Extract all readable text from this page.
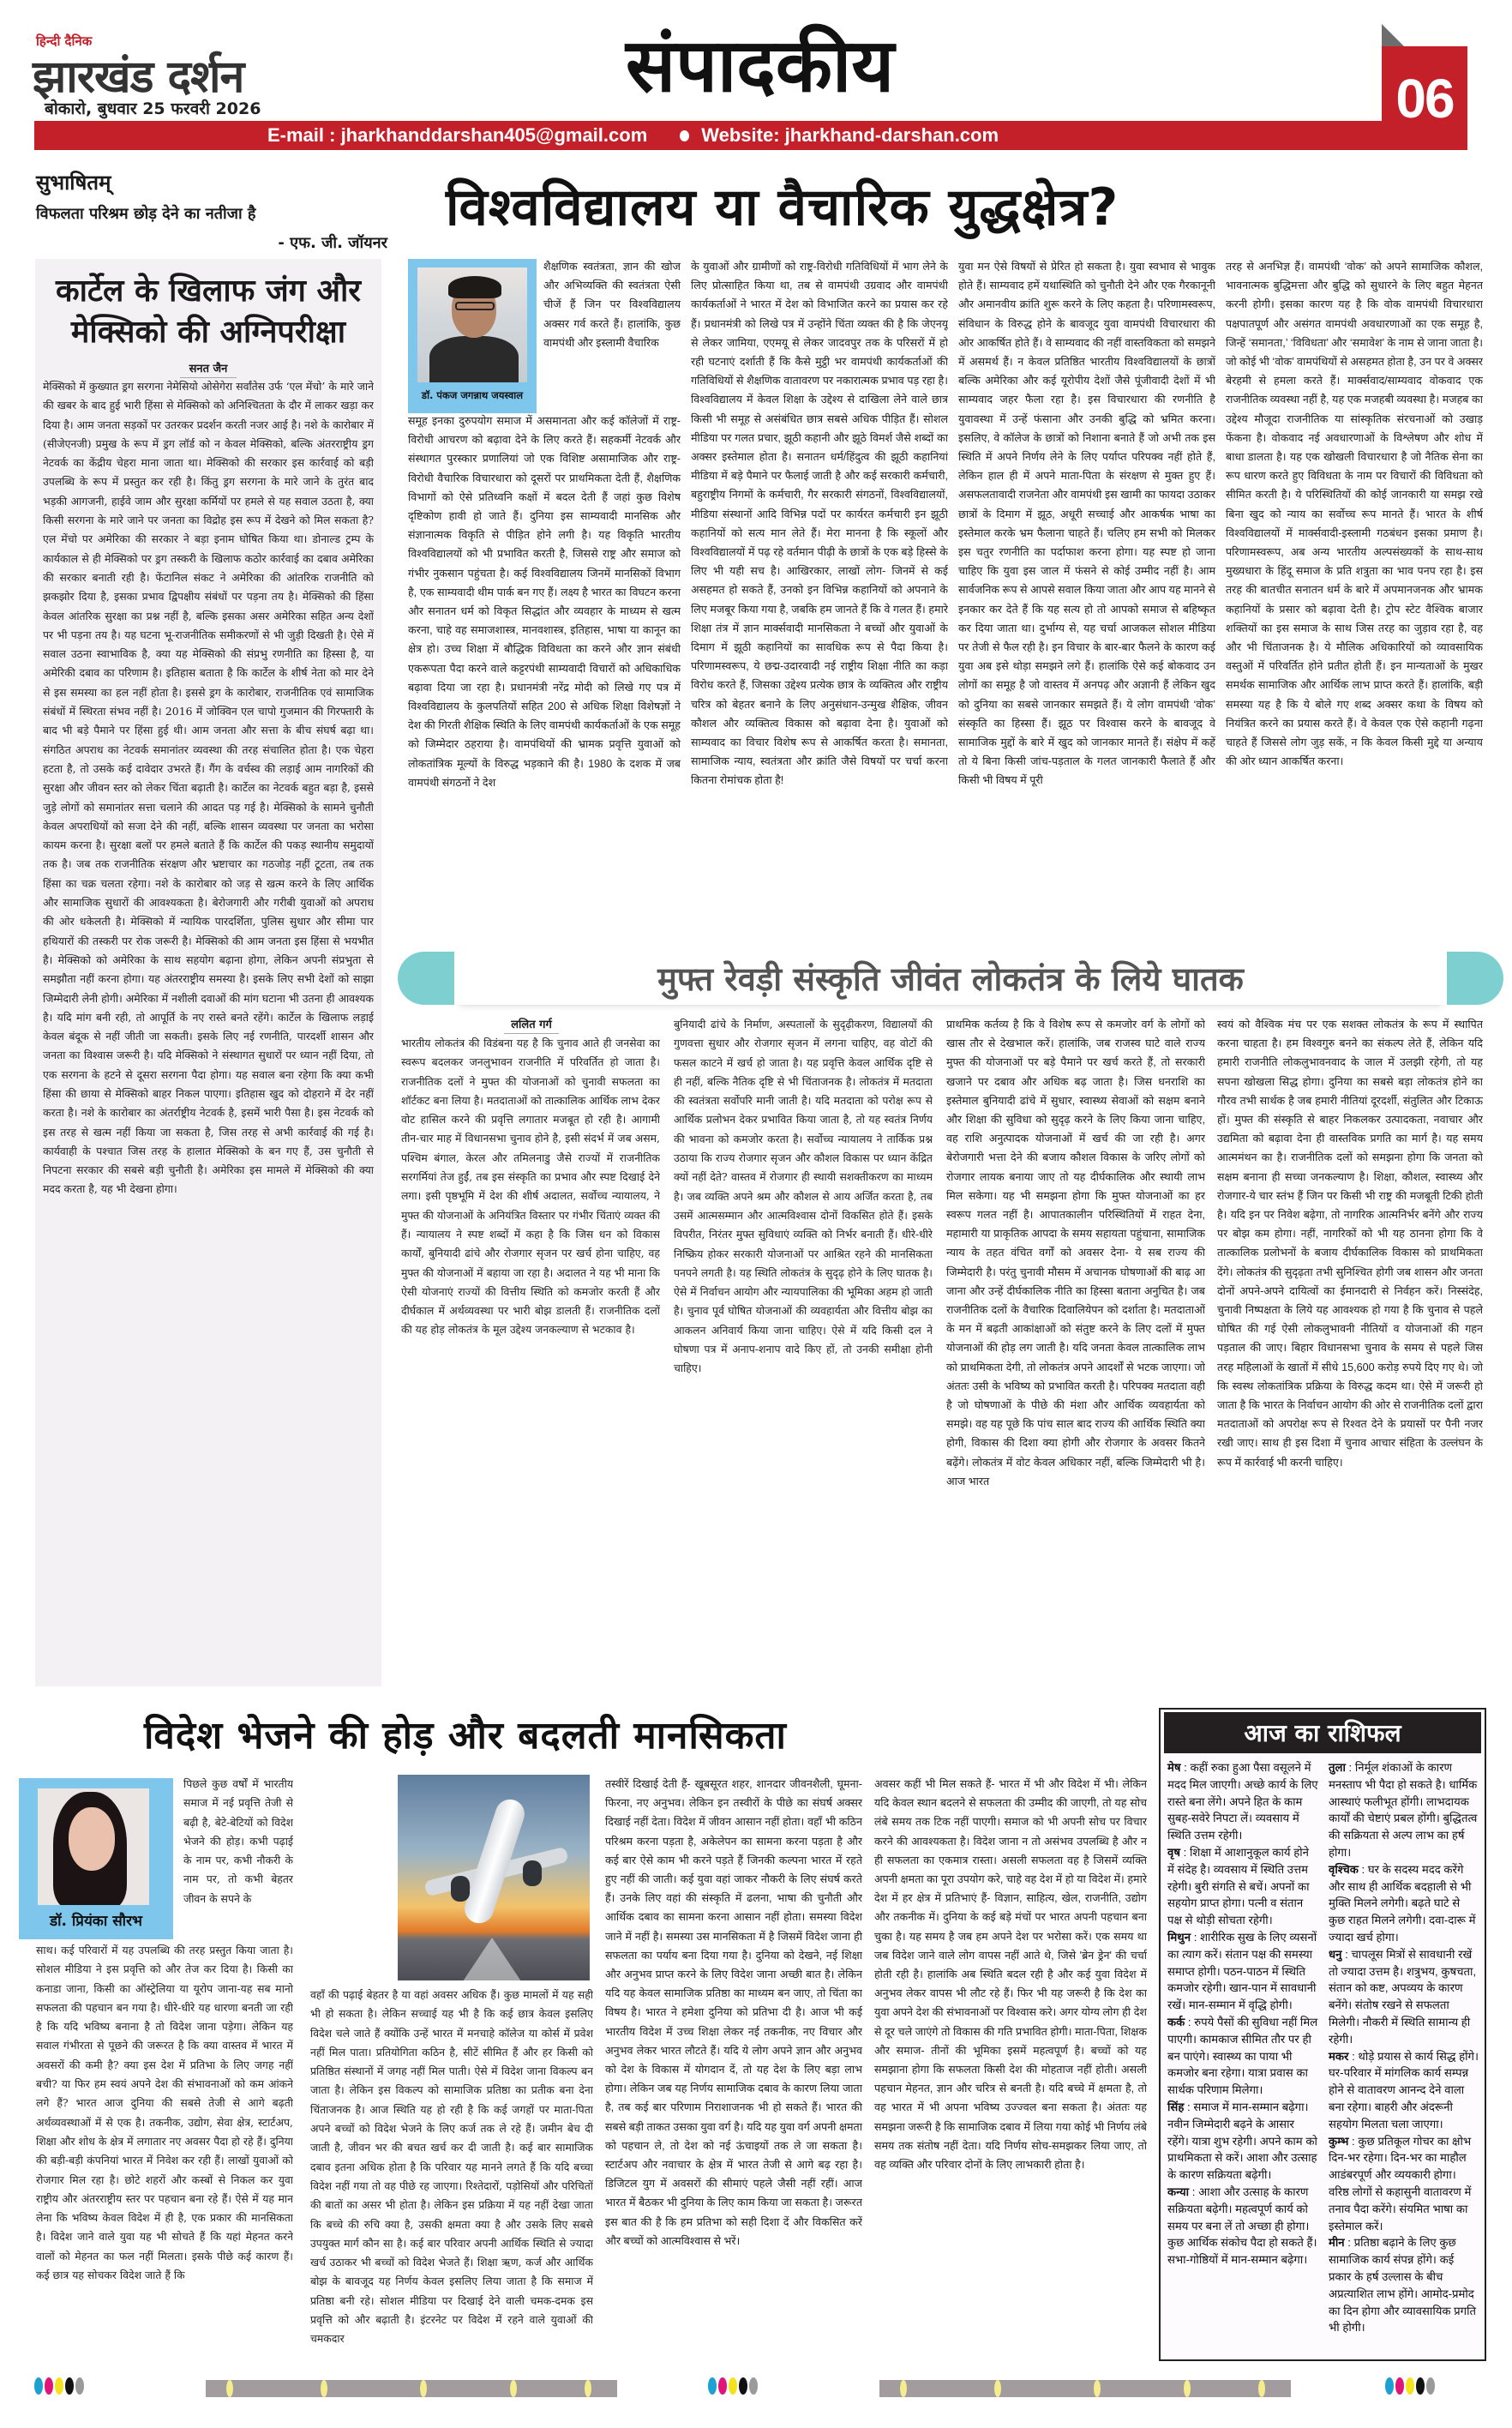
हिन्दी दैनिक
झारखंड दर्शन
बोकारो, बुधवार 25 फरवरी 2026	संपादकीय
E-mail : jharkhanddarshan405@gmail.com	Website: jharkhand-darshan.com
06
सुभाषितम्
विफलता परिश्रम छोड़ देने का नतीजा है
- एफ. जी. जॉयनर
कार्टेल के खिलाफ जंग और
मेक्सिको की अग्निपरीक्षा
सनत जैन
मेक्सिको में कुख्यात ड्रग सरगना नेमेसियो ओसेगेरा सर्वांतेस उर्फ ‘एल मेंचो’ के मारे जाने की खबर के बाद हुई भारी हिंसा से मेक्सिको को अनिश्चितता के दौर में लाकर खड़ा कर दिया है। आम जनता सड़कों पर उतरकर प्रदर्शन करती नजर आई है। नशे के कारोबार में (सीजेएनजी) प्रमुख के रूप में ड्रग लॉर्ड को न केवल मेक्सिको, बल्कि अंतरराष्ट्रीय ड्रग नेटवर्क का केंद्रीय चेहरा माना जाता था। मेक्सिको की सरकार इस कार्रवाई को बड़ी उपलब्धि के रूप में प्रस्तुत कर रही है। किंतु ड्रग सरगना के मारे जाने के तुरंत बाद भड़की आगजनी, हाईवे जाम और सुरक्षा कर्मियों पर हमले से यह सवाल उठता है, क्या किसी सरगना के मारे जाने पर जनता का विद्रोह इस रूप में देखने को मिल सकता है? एल मेंचो पर अमेरिका की सरकार ने बड़ा इनाम घोषित किया था। डोनाल्ड ट्रम्प के कार्यकाल से ही मेक्सिको पर ड्रग तस्करी के खिलाफ कठोर कार्रवाई का दबाव अमेरिका की सरकार बनाती रही है। फेंटानिल संकट ने अमेरिका की आंतरिक राजनीति को झकझोर दिया है, इसका प्रभाव द्विपक्षीय संबंधों पर पड़ना तय है। मेक्सिको की हिंसा केवल आंतरिक सुरक्षा का प्रश्न नहीं है, बल्कि इसका असर अमेरिका सहित अन्य देशों पर भी पड़ना तय है। यह घटना भू-राजनीतिक समीकरणों से भी जुड़ी दिखती है। ऐसे में सवाल उठना स्वाभाविक है, क्या यह मेक्सिको की संप्रभु रणनीति का हिस्सा है, या अमेरिकी दबाव का परिणाम है। इतिहास बताता है कि कार्टेल के शीर्ष नेता को मार देने से इस समस्या का हल नहीं होता है। इससे ड्रग के कारोबार, राजनीतिक एवं सामाजिक संबंधों में स्थिरता संभव नहीं है। 2016 में जोक्विन एल चापो गुजमान की गिरफ्तारी के बाद भी बड़े पैमाने पर हिंसा हुई थी। आम जनता और सत्ता के बीच संघर्ष बढ़ा था। संगठित अपराध का नेटवर्क समानांतर व्यवस्था की तरह संचालित होता है। एक चेहरा हटता है, तो उसके कई दावेदार उभरते हैं। गैंग के वर्चस्व की लड़ाई आम नागरिकों की सुरक्षा और जीवन स्तर को लेकर चिंता बढ़ाती है। कार्टेल का नेटवर्क बहुत बड़ा है, इससे जुड़े लोगों को समानांतर सत्ता चलाने की आदत पड़ गई है। मेक्सिको के सामने चुनौती केवल अपराधियों को सजा देने की नहीं, बल्कि शासन व्यवस्था पर जनता का भरोसा कायम करना है। सुरक्षा बलों पर हमले बताते हैं कि कार्टेल की पकड़ स्थानीय समुदायों तक है। जब तक राजनीतिक संरक्षण और भ्रष्टाचार का गठजोड़ नहीं टूटता, तब तक हिंसा का चक्र चलता रहेगा। नशे के कारोबार को जड़ से खत्म करने के लिए आर्थिक और सामाजिक सुधारों की आवश्यकता है। बेरोजगारी और गरीबी युवाओं को अपराध की ओर धकेलती है। मेक्सिको में न्यायिक पारदर्शिता, पुलिस सुधार और सीमा पार हथियारों की तस्करी पर रोक जरूरी है। मेक्सिको की आम जनता इस हिंसा से भयभीत है। मेक्सिको को अमेरिका के साथ सहयोग बढ़ाना होगा, लेकिन अपनी संप्रभुता से समझौता नहीं करना होगा। यह अंतरराष्ट्रीय समस्या है। इसके लिए सभी देशों को साझा जिम्मेदारी लेनी होगी। अमेरिका में नशीली दवाओं की मांग घटाना भी उतना ही आवश्यक है। यदि मांग बनी रही, तो आपूर्ति के नए रास्ते बनते रहेंगे। कार्टेल के खिलाफ लड़ाई केवल बंदूक से नहीं जीती जा सकती। इसके लिए नई रणनीति, पारदर्शी शासन और जनता का विश्वास जरूरी है। यदि मेक्सिको ने संस्थागत सुधारों पर ध्यान नहीं दिया, तो एक सरगना के हटने से दूसरा सरगना पैदा होगा। यह सवाल बना रहेगा कि क्या कभी हिंसा की छाया से मेक्सिको बाहर निकल पाएगा। इतिहास खुद को दोहराने में देर नहीं करता है। नशे के कारोबार का अंतर्राष्ट्रीय नेटवर्क है, इसमें भारी पैसा है। इस नेटवर्क को इस तरह से खत्म नहीं किया जा सकता है, जिस तरह से अभी कार्रवाई की गई है। कार्यवाही के पश्चात जिस तरह के हालात मेक्सिको के बन गए हैं, उस चुनौती से निपटना सरकार की सबसे बड़ी चुनौती है। अमेरिका इस मामले में मेक्सिको की क्या मदद करता है, यह भी देखना होगा।
विश्वविद्यालय या वैचारिक युद्धक्षेत्र?
डॉ. पंकज जगन्नाथ जयस्वाल
शैक्षणिक स्वतंत्रता, ज्ञान की खोज और अभिव्यक्ति की स्वतंत्रता ऐसी चीजें हैं जिन पर विश्वविद्यालय अक्सर गर्व करते हैं। हालांकि, कुछ वामपंथी और इस्लामी वैचारिक
समूह इनका दुरुपयोग समाज में असमानता और कई कॉलेजों में राष्ट्र-विरोधी आचरण को बढ़ावा देने के लिए करते हैं। सहकर्मी नेटवर्क और संस्थागत पुरस्कार प्रणालियां जो एक विशिष्ट असामाजिक और राष्ट्र-विरोधी वैचारिक विचारधारा को दूसरों पर प्राथमिकता देती हैं, शैक्षणिक विभागों को ऐसे प्रतिध्वनि कक्षों में बदल देती हैं जहां कुछ विशेष दृष्टिकोण हावी हो जाते हैं। दुनिया इस साम्यवादी मानसिक और संज्ञानात्मक विकृति से पीड़ित होने लगी है। यह विकृति भारतीय विश्वविद्यालयों को भी प्रभावित करती है, जिससे राष्ट्र और समाज को गंभीर नुकसान पहुंचता है। कई विश्वविद्यालय जिनमें मानसिकों विभाग है, एक साम्यवादी थीम पार्क बन गए हैं। लक्ष्य है भारत का विघटन करना और सनातन धर्म को विकृत सिद्धांत और व्यवहार के माध्यम से खत्म करना, चाहे वह समाजशास्त्र, मानवशास्त्र, इतिहास, भाषा या कानून का क्षेत्र हो। उच्च शिक्षा में बौद्धिक विविधता का करने और ज्ञान संबंधी एकरूपता पैदा करने वाले कट्टरपंथी साम्यवादी विचारों को अधिकाधिक बढ़ावा दिया जा रहा है। प्रधानमंत्री नरेंद्र मोदी को लिखे गए पत्र में विश्वविद्यालय के कुलपतियों सहित 200 से अधिक शिक्षा विशेषज्ञों ने देश की गिरती शैक्षिक स्थिति के लिए वामपंथी कार्यकर्ताओं के एक समूह को जिम्मेदार ठहराया है। वामपंथियों की भ्रामक प्रवृत्ति युवाओं को लोकतांत्रिक मूल्यों के विरुद्ध भड़काने की है। 1980 के दशक में जब वामपंथी संगठनों ने देश
के युवाओं और ग्रामीणों को राष्ट्र-विरोधी गतिविधियों में भाग लेने के लिए प्रोत्साहित किया था, तब से वामपंथी उग्रवाद और वामपंथी कार्यकर्ताओं ने भारत में देश को विभाजित करने का प्रयास कर रहे हैं। प्रधानमंत्री को लिखे पत्र में उन्होंने चिंता व्यक्त की है कि जेएनयू से लेकर जामिया, एएमयू से लेकर जादवपुर तक के परिसरों में हो रही घटनाएं दर्शाती हैं कि कैसे मुट्ठी भर वामपंथी कार्यकर्ताओं की गतिविधियों से शैक्षणिक वातावरण पर नकारात्मक प्रभाव पड़ रहा है। विश्वविद्यालय में केवल शिक्षा के उद्देश्य से दाखिला लेने वाले छात्र किसी भी समूह से असंबंधित छात्र सबसे अधिक पीड़ित हैं। सोशल मीडिया पर गलत प्रचार, झूठी कहानी और झूठे विमर्श जैसे शब्दों का अक्सर इस्तेमाल होता है। सनातन धर्म/हिंदुत्व की झूठी कहानियां मीडिया में बड़े पैमाने पर फैलाई जाती है और कई सरकारी कर्मचारी, बहुराष्ट्रीय निगमों के कर्मचारी, गैर सरकारी संगठनों, विश्वविद्यालयों, मीडिया संस्थानों आदि विभिन्न पदों पर कार्यरत कर्मचारी इन झूठी कहानियों को सत्य मान लेते हैं। मेरा मानना है कि स्कूलों और विश्वविद्यालयों में पढ़ रहे वर्तमान पीढ़ी के छात्रों के एक बड़े हिस्से के लिए भी यही सच है। आखिरकार, लाखों लोग- जिनमें से कई असहमत हो सकते हैं, उनको इन विभिन्न कहानियों को अपनाने के लिए मजबूर किया गया है, जबकि हम जानते हैं कि वे गलत हैं। हमारे शिक्षा तंत्र में ज्ञान मार्क्सवादी मानसिकता ने बच्चों और युवाओं के दिमाग में झूठी कहानियों का सावधिक रूप से पैदा किया है। परिणामस्वरूप, ये छद्म-उदारवादी नई राष्ट्रीय शिक्षा नीति का कड़ा विरोध करते हैं, जिसका उद्देश्य प्रत्येक छात्र के व्यक्तित्व और राष्ट्रीय चरित्र को बेहतर बनाने के लिए अनुसंधान-उन्मुख शैक्षिक, जीवन कौशल और व्यक्तित्व विकास को बढ़ावा देना है। युवाओं को साम्यवाद का विचार विशेष रूप से आकर्षित करता है। समानता, सामाजिक न्याय, स्वतंत्रता और क्रांति जैसे विषयों पर चर्चा करना कितना रोमांचक होता है!
युवा मन ऐसे विषयों से प्रेरित हो सकता है। युवा स्वभाव से भावुक होते हैं। साम्यवाद हमें यथास्थिति को चुनौती देने और एक गैरकानूनी और अमानवीय क्रांति शुरू करने के लिए कहता है। परिणामस्वरूप, संविधान के विरुद्ध होने के बावजूद युवा वामपंथी विचारधारा की ओर आकर्षित होते हैं। वे साम्यवाद की नहीं वास्तविकता को समझने में असमर्थ हैं। न केवल प्रतिष्ठित भारतीय विश्वविद्यालयों के छात्रों बल्कि अमेरिका और कई यूरोपीय देशों जैसे पूंजीवादी देशों में भी साम्यवाद जहर फैला रहा है। इस विचारधारा की रणनीति है युवावस्था में उन्हें फंसाना और उनकी बुद्धि को भ्रमित करना। इसलिए, वे कॉलेज के छात्रों को निशाना बनाते हैं जो अभी तक इस स्थिति में अपने निर्णय लेने के लिए पर्याप्त परिपक्व नहीं होते हैं, लेकिन हाल ही में अपने माता-पिता के संरक्षण से मुक्त हुए हैं। असफलतावादी राजनेता और वामपंथी इस खामी का फायदा उठाकर छात्रों के दिमाग में झूठ, अधूरी सच्चाई और आकर्षक भाषा का इस्तेमाल करके भ्रम फैलाना चाहते हैं। चलिए हम सभी को मिलकर इस चतुर रणनीति का पर्दाफाश करना होगा। यह स्पष्ट हो जाना चाहिए कि युवा इस जाल में फंसने से कोई उम्मीद नहीं है। आम सार्वजनिक रूप से आपसे सवाल किया जाता और आप यह मानने से इनकार कर देते हैं कि यह सत्य हो तो आपको समाज से बहिष्कृत कर दिया जाता था। दुर्भाग्य से, यह चर्चा आजकल सोशल मीडिया पर तेजी से फैल रही है। इन विचार के बार-बार फैलने के कारण कई युवा अब इसे थोड़ा समझने लगे हैं। हालांकि ऐसे कई बोकवाद उन लोगों का समूह है जो वास्तव में अनपढ़ और अज्ञानी हैं लेकिन खुद को दुनिया का सबसे जानकार समझते हैं। ये लोग वामपंथी ‘वोक’ संस्कृति का हिस्सा हैं। झूठ पर विश्वास करने के बावजूद वे सामाजिक मुद्दों के बारे में खुद को जानकार मानते हैं। संक्षेप में कहें तो ये बिना किसी जांच-पड़ताल के गलत जानकारी फैलाते हैं और किसी भी विषय में पूरी
तरह से अनभिज्ञ हैं। वामपंथी ‘वोक’ को अपने सामाजिक कौशल, भावनात्मक बुद्धिमत्ता और बुद्धि को सुधारने के लिए बहुत मेहनत करनी होगी। इसका कारण यह है कि वोक वामपंथी विचारधारा पक्षपातपूर्ण और असंगत वामपंथी अवधारणाओं का एक समूह है, जिन्हें ‘समानता,’ ‘विविधता’ और ‘समावेश’ के नाम से जाना जाता है। जो कोई भी ‘वोक’ वामपंथियों से असहमत होता है, उन पर वे अक्सर बेरहमी से हमला करते हैं। मार्क्सवाद/साम्यवाद वोकवाद एक राजनीतिक व्यवस्था नहीं है, यह एक मजहबी व्यवस्था है। मजहब का उद्देश्य मौजूदा राजनीतिक या सांस्कृतिक संरचनाओं को उखाड़ फेंकना है। वोकवाद नई अवधारणाओं के विश्लेषण और शोध में बाधा डालता है। यह एक खोखली विचारधारा है जो नैतिक सेना का रूप धारण करते हुए विविधता के नाम पर विचारों की विविधता को सीमित करती है। ये परिस्थितियों की कोई जानकारी या समझ रखे बिना खुद को न्याय का सर्वोच्च रूप मानते हैं। भारत के शीर्ष विश्वविद्यालयों में मार्क्सवादी-इस्लामी गठबंधन इसका प्रमाण है। परिणामस्वरूप, अब अन्य भारतीय अल्पसंख्यकों के साथ-साथ मुख्यधारा के हिंदू समाज के प्रति शत्रुता का भाव पनप रहा है। इस तरह की बातचीत सनातन धर्म के बारे में अपमानजनक और भ्रामक कहानियों के प्रसार को बढ़ावा देती है। ट्रोप स्टेट वैश्विक बाजार शक्तियों का इस समाज के साथ जिस तरह का जुड़ाव रहा है, वह और भी चिंताजनक है। ये मौलिक अधिकारियों को व्यावसायिक वस्तुओं में परिवर्तित होने प्रतीत होती हैं। इन मान्यताओं के मुखर समर्थक सामाजिक और आर्थिक लाभ प्राप्त करते हैं। हालांकि, बड़ी समस्या यह है कि ये बोले गए शब्द अक्सर कथा के विषय को नियंत्रित करने का प्रयास करते हैं। वे केवल एक ऐसे कहानी गढ़ना चाहते हैं जिससे लोग जुड़ सकें, न कि केवल किसी मुद्दे या अन्याय की ओर ध्यान आकर्षित करना।
मुफ्त रेवड़ी संस्कृति जीवंत लोकतंत्र के लिये घातक
ललित गर्ग
भारतीय लोकतंत्र की विडंबना यह है कि चुनाव आते ही जनसेवा का स्वरूप बदलकर जनलुभावन राजनीति में परिवर्तित हो जाता है। राजनीतिक दलों ने मुफ्त की योजनाओं को चुनावी सफलता का शॉर्टकट बना लिया है। मतदाताओं को तात्कालिक आर्थिक लाभ देकर वोट हासिल करने की प्रवृत्ति लगातार मजबूत हो रही है। आगामी तीन-चार माह में विधानसभा चुनाव होने है, इसी संदर्भ में जब असम, पश्चिम बंगाल, केरल और तमिलनाडु जैसे राज्यों में राजनीतिक सरगर्मियां तेज हुईं, तब इस संस्कृति का प्रभाव और स्पष्ट दिखाई देने लगा। इसी पृष्ठभूमि में देश की शीर्ष अदालत, सर्वोच्च न्यायालय, ने मुफ्त की योजनाओं के अनियंत्रित विस्तार पर गंभीर चिंताएं व्यक्त की हैं। न्यायालय ने स्पष्ट शब्दों में कहा है कि जिस धन को विकास कार्यों, बुनियादी ढांचे और रोजगार सृजन पर खर्च होना चाहिए, वह मुफ्त की योजनाओं में बहाया जा रहा है। अदालत ने यह भी माना कि ऐसी योजनाएं राज्यों की वित्तीय स्थिति को कमजोर करती हैं और दीर्घकाल में अर्थव्यवस्था पर भारी बोझ डालती हैं। राजनीतिक दलों की यह होड़ लोकतंत्र के मूल उद्देश्य जनकल्याण से भटकाव है।
बुनियादी ढांचे के निर्माण, अस्पतालों के सुदृढ़ीकरण, विद्यालयों की गुणवत्ता सुधार और रोजगार सृजन में लगना चाहिए, वह वोटों की फसल काटने में खर्च हो जाता है। यह प्रवृत्ति केवल आर्थिक दृष्टि से ही नहीं, बल्कि नैतिक दृष्टि से भी चिंताजनक है। लोकतंत्र में मतदाता की स्वतंत्रता सर्वोपरि मानी जाती है। यदि मतदाता को परोक्ष रूप से आर्थिक प्रलोभन देकर प्रभावित किया जाता है, तो यह स्वतंत्र निर्णय की भावना को कमजोर करता है। सर्वोच्च न्यायालय ने तार्किक प्रश्न उठाया कि राज्य रोजगार सृजन और कौशल विकास पर ध्यान केंद्रित क्यों नहीं देते? वास्तव में रोजगार ही स्थायी सशक्तीकरण का माध्यम है। जब व्यक्ति अपने श्रम और कौशल से आय अर्जित करता है, तब उसमें आत्मसम्मान और आत्मविश्वास दोनों विकसित होते हैं। इसके विपरीत, निरंतर मुफ्त सुविधाएं व्यक्ति को निर्भर बनाती हैं। धीरे-धीरे निष्क्रिय होकर सरकारी योजनाओं पर आश्रित रहने की मानसिकता पनपने लगती है। यह स्थिति लोकतंत्र के सुदृढ़ होने के लिए घातक है। ऐसे में निर्वाचन आयोग और न्यायपालिका की भूमिका अहम हो जाती है। चुनाव पूर्व घोषित योजनाओं की व्यवहार्यता और वित्तीय बोझ का आकलन अनिवार्य किया जाना चाहिए। ऐसे में यदि किसी दल ने घोषणा पत्र में अनाप-शनाप वादे किए हों, तो उनकी समीक्षा होनी चाहिए।
प्राथमिक कर्तव्य है कि वे विशेष रूप से कमजोर वर्ग के लोगों को खास तौर से देखभाल करें। हालांकि, जब राजस्व घाटे वाले राज्य मुफ्त की योजनाओं पर बड़े पैमाने पर खर्च करते हैं, तो सरकारी खजाने पर दबाव और अधिक बढ़ जाता है। जिस धनराशि का इस्तेमाल बुनियादी ढांचे में सुधार, स्वास्थ्य सेवाओं को सक्षम बनाने और शिक्षा की सुविधा को सुदृढ़ करने के लिए किया जाना चाहिए, वह राशि अनुत्पादक योजनाओं में खर्च की जा रही है। अगर बेरोजगारी भत्ता देने की बजाय कौशल विकास के जरिए लोगों को रोजगार लायक बनाया जाए तो यह दीर्घकालिक और स्थायी लाभ मिल सकेगा। यह भी समझना होगा कि मुफ्त योजनाओं का हर स्वरूप गलत नहीं है। आपातकालीन परिस्थितियों में राहत देना, महामारी या प्राकृतिक आपदा के समय सहायता पहुंचाना, सामाजिक न्याय के तहत वंचित वर्गों को अवसर देना- ये सब राज्य की जिम्मेदारी है। परंतु चुनावी मौसम में अचानक घोषणाओं की बाढ़ आ जाना और उन्हें दीर्घकालिक नीति का हिस्सा बताना अनुचित है। जब राजनीतिक दलों के वैचारिक दिवालियेपन को दर्शाता है। मतदाताओं के मन में बढ़ती आकांक्षाओं को संतुष्ट करने के लिए दलों में मुफ्त योजनाओं की होड़ लग जाती है। यदि जनता केवल तात्कालिक लाभ को प्राथमिकता देगी, तो लोकतंत्र अपने आदर्शों से भटक जाएगा। जो अंततः उसी के भविष्य को प्रभावित करती है। परिपक्व मतदाता वही है जो घोषणाओं के पीछे की मंशा और आर्थिक व्यवहार्यता को समझे। वह यह पूछे कि पांच साल बाद राज्य की आर्थिक स्थिति क्या होगी, विकास की दिशा क्या होगी और रोजगार के अवसर कितने बढ़ेंगे। लोकतंत्र में वोट केवल अधिकार नहीं, बल्कि जिम्मेदारी भी है। आज भारत
स्वयं को वैश्विक मंच पर एक सशक्त लोकतंत्र के रूप में स्थापित करना चाहता है। हम विश्वगुरु बनने का संकल्प लेते हैं, लेकिन यदि हमारी राजनीति लोकलुभावनवाद के जाल में उलझी रहेगी, तो यह सपना खोखला सिद्ध होगा। दुनिया का सबसे बड़ा लोकतंत्र होने का गौरव तभी सार्थक है जब हमारी नीतियां दूरदर्शी, संतुलित और टिकाऊ हों। मुफ्त की संस्कृति से बाहर निकलकर उत्पादकता, नवाचार और उद्यमिता को बढ़ावा देना ही वास्तविक प्रगति का मार्ग है। यह समय आत्ममंथन का है। राजनीतिक दलों को समझना होगा कि जनता को सक्षम बनाना ही सच्चा जनकल्याण है। शिक्षा, कौशल, स्वास्थ्य और रोजगार-ये चार स्तंभ हैं जिन पर किसी भी राष्ट्र की मजबूती टिकी होती है। यदि इन पर निवेश बढ़ेगा, तो नागरिक आत्मनिर्भर बनेंगे और राज्य पर बोझ कम होगा। नहीं, नागरिकों को भी यह ठानना होगा कि वे तात्कालिक प्रलोभनों के बजाय दीर्घकालिक विकास को प्राथमिकता देंगे। लोकतंत्र की सुदृढ़ता तभी सुनिश्चित होगी जब शासन और जनता दोनों अपने-अपने दायित्वों का ईमानदारी से निर्वहन करें। निस्संदेह, चुनावी निष्पक्षता के लिये यह आवश्यक हो गया है कि चुनाव से पहले घोषित की गई ऐसी लोकलुभावनी नीतियों व योजनाओं की गहन पड़ताल की जाए। बिहार विधानसभा चुनाव के समय से पहले जिस तरह महिलाओं के खातों में सीधे 15,600 करोड़ रुपये दिए गए थे। जो कि स्वस्थ लोकतांत्रिक प्रक्रिया के विरुद्ध कदम था। ऐसे में जरूरी हो जाता है कि भारत के निर्वाचन आयोग की ओर से राजनीतिक दलों द्वारा मतदाताओं को अपरोक्ष रूप से रिश्वत देने के प्रयासों पर पैनी नजर रखी जाए। साथ ही इस दिशा में चुनाव आचार संहिता के उल्लंघन के रूप में कार्रवाई भी करनी चाहिए।
विदेश भेजने की होड़ और बदलती मानसिकता
डॉ. प्रियंका सौरभ
पिछले कुछ वर्षों में भारतीय समाज में नई प्रवृत्ति तेजी से बढ़ी है, बेटे-बेटियों को विदेश भेजने की होड़। कभी पढ़ाई के नाम पर, कभी नौकरी के नाम पर, तो कभी बेहतर जीवन के सपने के
साथ। कई परिवारों में यह उपलब्धि की तरह प्रस्तुत किया जाता है। सोशल मीडिया ने इस प्रवृत्ति को और तेज कर दिया है। किसी का कनाडा जाना, किसी का ऑस्ट्रेलिया या यूरोप जाना-यह सब मानो सफलता की पहचान बन गया है। धीरे-धीरे यह धारणा बनती जा रही है कि यदि भविष्य बनाना है तो विदेश जाना पड़ेगा। लेकिन यह सवाल गंभीरता से पूछने की जरूरत है कि क्या वास्तव में भारत में अवसरों की कमी है? क्या इस देश में प्रतिभा के लिए जगह नहीं बची? या फिर हम स्वयं अपने देश की संभावनाओं को कम आंकने लगे हैं? भारत आज दुनिया की सबसे तेजी से आगे बढ़ती अर्थव्यवस्थाओं में से एक है। तकनीक, उद्योग, सेवा क्षेत्र, स्टार्टअप, शिक्षा और शोध के क्षेत्र में लगातार नए अवसर पैदा हो रहे हैं। दुनिया की बड़ी-बड़ी कंपनियां भारत में निवेश कर रही हैं। लाखों युवाओं को रोजगार मिल रहा है। छोटे शहरों और कस्बों से निकल कर युवा राष्ट्रीय और अंतरराष्ट्रीय स्तर पर पहचान बना रहे हैं। ऐसे में यह मान लेना कि भविष्य केवल विदेश में ही है, एक प्रकार की मानसिकता है। विदेश जाने वाले युवा यह भी सोचते हैं कि यहां मेहनत करने वालों को मेहनत का फल नहीं मिलता। इसके पीछे कई कारण हैं। कई छात्र यह सोचकर विदेश जाते हैं कि
वहाँ की पढ़ाई बेहतर है या वहां अवसर अधिक हैं। कुछ मामलों में यह सही भी हो सकता है। लेकिन सच्चाई यह भी है कि कई छात्र केवल इसलिए विदेश चले जाते हैं क्योंकि उन्हें भारत में मनचाहे कॉलेज या कोर्स में प्रवेश नहीं मिल पाता। प्रतियोगिता कठिन है, सीटें सीमित हैं और हर किसी को प्रतिष्ठित संस्थानों में जगह नहीं मिल पाती। ऐसे में विदेश जाना विकल्प बन जाता है। लेकिन इस विकल्प को सामाजिक प्रतिष्ठा का प्रतीक बना देना चिंताजनक है। आज स्थिति यह हो रही है कि कई जगहों पर माता-पिता अपने बच्चों को विदेश भेजने के लिए कर्ज तक ले रहे हैं। जमीन बेच दी जाती है, जीवन भर की बचत खर्च कर दी जाती है। कई बार सामाजिक दबाव इतना अधिक होता है कि परिवार यह मानने लगते हैं कि यदि बच्चा विदेश नहीं गया तो वह पीछे रह जाएगा। रिश्तेदारों, पड़ोसियों और परिचितों की बातों का असर भी होता है। लेकिन इस प्रक्रिया में यह नहीं देखा जाता कि बच्चे की रुचि क्या है, उसकी क्षमता क्या है और उसके लिए सबसे उपयुक्त मार्ग कौन सा है। कई बार परिवार अपनी आर्थिक स्थिति से ज्यादा खर्च उठाकर भी बच्चों को विदेश भेजते हैं। शिक्षा ऋण, कर्ज और आर्थिक बोझ के बावजूद यह निर्णय केवल इसलिए लिया जाता है कि समाज में प्रतिष्ठा बनी रहे। सोशल मीडिया पर दिखाई देने वाली चमक-दमक इस प्रवृत्ति को और बढ़ाती है। इंटरनेट पर विदेश में रहने वाले युवाओं की चमकदार
तस्वीरें दिखाई देती हैं- खूबसूरत शहर, शानदार जीवनशैली, घूमना-फिरना, नए अनुभव। लेकिन इन तस्वीरों के पीछे का संघर्ष अक्सर दिखाई नहीं देता। विदेश में जीवन आसान नहीं होता। वहाँ भी कठिन परिश्रम करना पड़ता है, अकेलेपन का सामना करना पड़ता है और कई बार ऐसे काम भी करने पड़ते हैं जिनकी कल्पना भारत में रहते हुए नहीं की जाती। कई युवा वहां जाकर नौकरी के लिए संघर्ष करते हैं। उनके लिए वहां की संस्कृति में ढलना, भाषा की चुनौती और आर्थिक दबाव का सामना करना आसान नहीं होता। समस्या विदेश जाने में नहीं है। समस्या उस मानसिकता में है जिसमें विदेश जाना ही सफलता का पर्याय बना दिया गया है। दुनिया को देखने, नई शिक्षा और अनुभव प्राप्त करने के लिए विदेश जाना अच्छी बात है। लेकिन यदि यह केवल सामाजिक प्रतिष्ठा का माध्यम बन जाए, तो चिंता का विषय है। भारत ने हमेशा दुनिया को प्रतिभा दी है। आज भी कई भारतीय विदेश में उच्च शिक्षा लेकर नई तकनीक, नए विचार और अनुभव लेकर भारत लौटते हैं। यदि ये लोग अपने ज्ञान और अनुभव को देश के विकास में योगदान दें, तो यह देश के लिए बड़ा लाभ होगा। लेकिन जब यह निर्णय सामाजिक दबाव के कारण लिया जाता है, तब कई बार परिणाम निराशाजनक भी हो सकते हैं। भारत की सबसे बड़ी ताकत उसका युवा वर्ग है। यदि यह युवा वर्ग अपनी क्षमता को पहचान ले, तो देश को नई ऊंचाइयों तक ले जा सकता है। स्टार्टअप और नवाचार के क्षेत्र में भारत तेजी से आगे बढ़ रहा है। डिजिटल युग में अवसरों की सीमाएं पहले जैसी नहीं रहीं। आज भारत में बैठकर भी दुनिया के लिए काम किया जा सकता है। जरूरत इस बात की है कि हम प्रतिभा को सही दिशा दें और विकसित करें और बच्चों को आत्मविश्वास से भरें।
अवसर कहीं भी मिल सकते हैं- भारत में भी और विदेश में भी। लेकिन यदि केवल स्थान बदलने से सफलता की उम्मीद की जाएगी, तो यह सोच लंबे समय तक टिक नहीं पाएगी। समाज को भी अपनी सोच पर विचार करने की आवश्यकता है। विदेश जाना न तो असंभव उपलब्धि है और न ही सफलता का एकमात्र रास्ता। असली सफलता वह है जिसमें व्यक्ति अपनी क्षमता का पूरा उपयोग करे, चाहे वह देश में हो या विदेश में। हमारे देश में हर क्षेत्र में प्रतिभाएं हैं- विज्ञान, साहित्य, खेल, राजनीति, उद्योग और तकनीक में। दुनिया के कई बड़े मंचों पर भारत अपनी पहचान बना चुका है। यह समय है जब हम अपने देश पर भरोसा करें। एक समय था जब विदेश जाने वाले लोग वापस नहीं आते थे, जिसे 'ब्रेन ड्रेन' की चर्चा होती रही है। हालांकि अब स्थिति बदल रही है और कई युवा विदेश में अनुभव लेकर वापस भी लौट रहे हैं। फिर भी यह जरूरी है कि देश का युवा अपने देश की संभावनाओं पर विश्वास करे। अगर योग्य लोग ही देश से दूर चले जाएंगे तो विकास की गति प्रभावित होगी। माता-पिता, शिक्षक और समाज- तीनों की भूमिका इसमें महत्वपूर्ण है। बच्चों को यह समझाना होगा कि सफलता किसी देश की मोहताज नहीं होती। असली पहचान मेहनत, ज्ञान और चरित्र से बनती है। यदि बच्चे में क्षमता है, तो वह भारत में भी अपना भविष्य उज्ज्वल बना सकता है। अंततः यह समझना जरूरी है कि सामाजिक दबाव में लिया गया कोई भी निर्णय लंबे समय तक संतोष नहीं देता। यदि निर्णय सोच-समझकर लिया जाए, तो वह व्यक्ति और परिवार दोनों के लिए लाभकारी होता है।
आज का राशिफल
मेष : कहीं रुका हुआ पैसा वसूलने में मदद मिल जाएगी। अच्छे कार्य के लिए रास्ते बना लेंगे। अपने हित के काम सुबह-सवेरे निपटा लें। व्यवसाय में स्थिति उत्तम रहेगी।
वृष : शिक्षा में आशानुकूल कार्य होने में संदेह है। व्यवसाय में स्थिति उत्तम रहेगी। बुरी संगति से बचें। अपनों का सहयोग प्राप्त होगा। पत्नी व संतान पक्ष से थोड़ी सोचता रहेगी।
मिथुन : शारीरिक सुख के लिए व्यसनों का त्याग करें। संतान पक्ष की समस्या समाप्त होगी। पठन-पाठन में स्थिति कमजोर रहेगी। खान-पान में सावधानी रखें। मान-सम्मान में वृद्धि होगी।
कर्क : रुपये पैसों की सुविधा नहीं मिल पाएगी। कामकाज सीमित तौर पर ही बन पाएंगे। स्वास्थ्य का पाया भी कमजोर बना रहेगा। यात्रा प्रवास का सार्थक परिणाम मिलेगा।
सिंह : समाज में मान-सम्मान बढ़ेगा। नवीन जिम्मेदारी बढ़ने के आसार रहेंगे। यात्रा शुभ रहेगी। अपने काम को प्राथमिकता से करें। आशा और उत्साह के कारण सक्रियता बढ़ेगी।
कन्या : आशा और उत्साह के कारण सक्रियता बढ़ेगी। महत्वपूर्ण कार्य को समय पर बना लें तो अच्छा ही होगा। कुछ आर्थिक संकोच पैदा हो सकते हैं। सभा-गोष्ठियों में मान-सम्मान बढ़ेगा।
तुला : निर्मूल शंकाओं के कारण मनस्ताप भी पैदा हो सकते है। धार्मिक आस्थाएं फलीभूत होंगी। लाभदायक कार्यों की चेष्टाएं प्रबल होंगी। बुद्धितत्व की सक्रियता से अल्प लाभ का हर्ष होगा।
वृश्चिक : घर के सदस्य मदद करेंगे और साथ ही आर्थिक बदहाली से भी मुक्ति मिलने लगेगी। बढ़ते घाटे से कुछ राहत मिलने लगेगी। दवा-दारू में ज्यादा खर्च होगा।
धनु : चापलूस मित्रों से सावधानी रखें तो ज्यादा उत्तम है। शत्रुभय, कुषचता, संतान को कष्ट, अपव्यय के कारण बनेंगे। संतोष रखने से सफलता मिलेगी। नौकरी में स्थिति सामान्य ही रहेगी।
मकर : थोड़े प्रयास से कार्य सिद्ध होंगे। घर-परिवार में मांगलिक कार्य सम्पन्न होने से वातावरण आनन्द देने वाला बना रहेगा। बाहरी और अंदरूनी सहयोग मिलता चला जाएगा।
कुम्भ : कुछ प्रतिकूल गोचर का क्षोभ दिन-भर रहेगा। दिन-भर का माहौल आडंबरपूर्ण और व्ययकारी होगा। वरिष्ठ लोगों से कहासुनी वातावरण में तनाव पैदा करेंगे। संयमित भाषा का इस्तेमाल करें।
मीन : प्रतिष्ठा बढ़ाने के लिए कुछ सामाजिक कार्य संपन्न होंगे। कई प्रकार के हर्ष उल्लास के बीच अप्रत्याशित लाभ होंगे। आमोद-प्रमोद का दिन होगा और व्यावसायिक प्रगति भी होगी।
